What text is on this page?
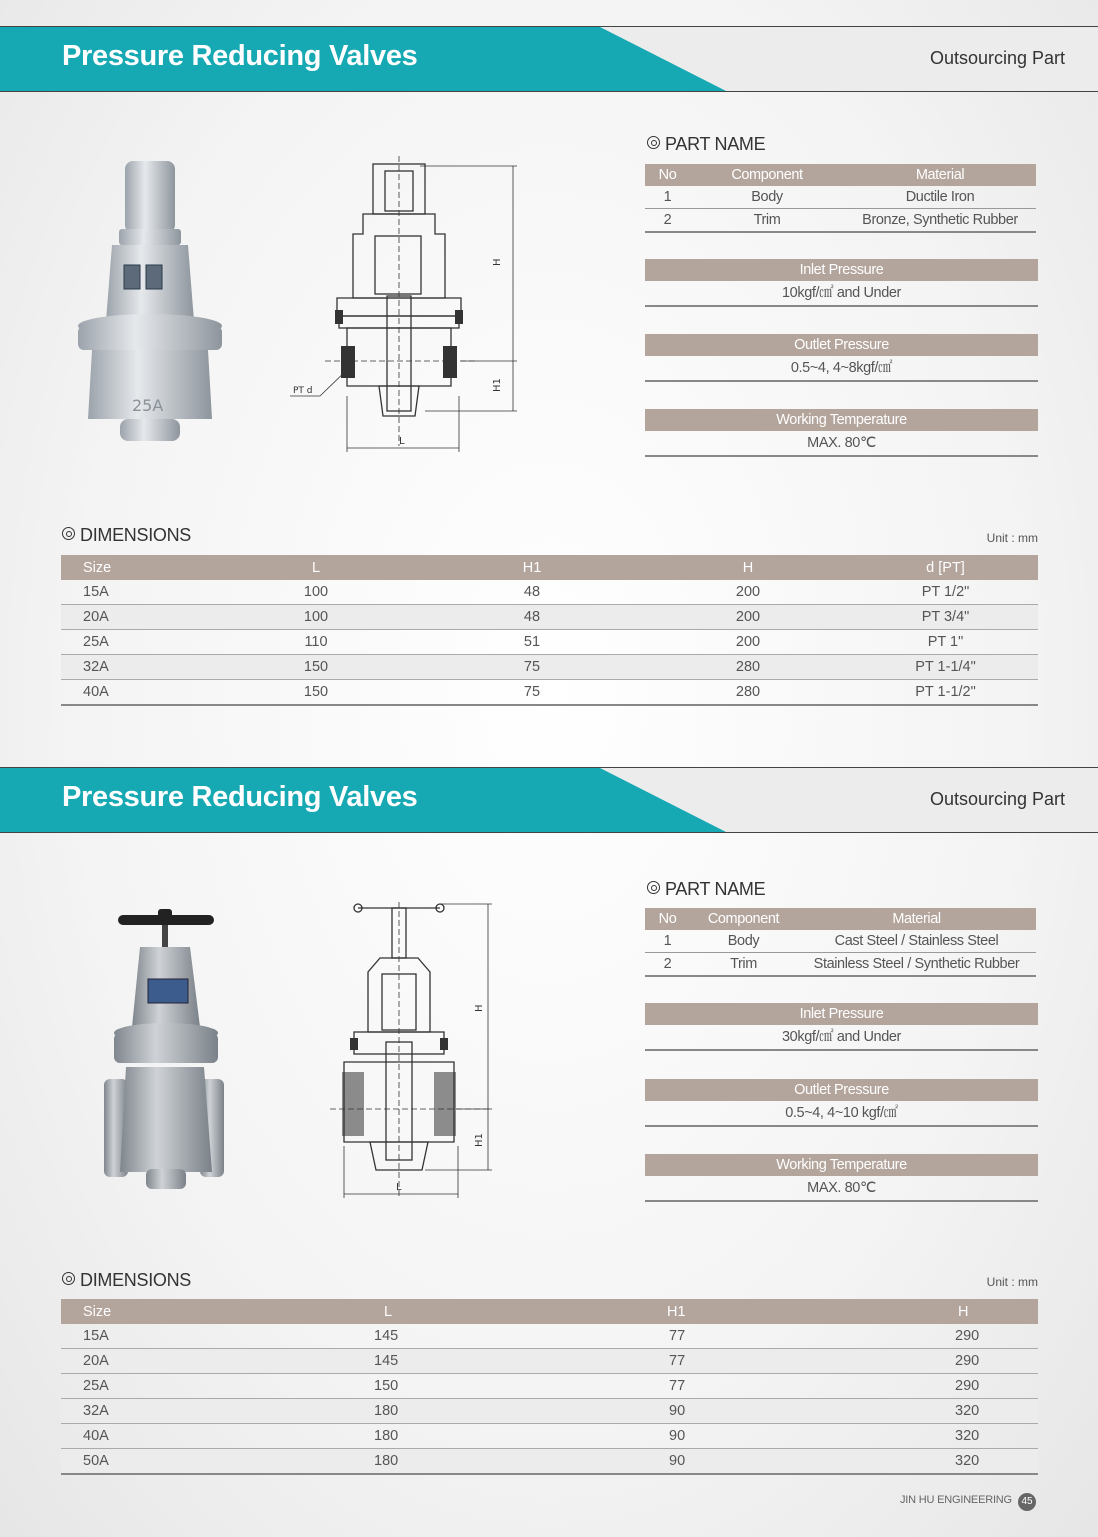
Pressure Reducing Valves	Outsourcing Part
25A
H
H1
L
PT d
PART NAME
No	Component	Material
1	Body	Ductile Iron
2	Trim	Bronze, Synthetic Rubber
Inlet Pressure
10kgf/㎠ and Under
Outlet Pressure
0.5~4, 4~8kgf/㎠
Working Temperature
MAX. 80℃
DIMENSIONS	Unit : mm
Size	L	H1	H	d [PT]
15A	100	48	200	PT 1/2"
20A	100	48	200	PT 3/4"
25A	110	51	200	PT 1"
32A	150	75	280	PT 1-1/4"
40A	150	75	280	PT 1-1/2"
Pressure Reducing Valves	Outsourcing Part
H
H1
L
PART NAME
No	Component	Material
1	Body	Cast Steel / Stainless Steel
2	Trim	Stainless Steel / Synthetic Rubber
Inlet Pressure
30kgf/㎠ and Under
Outlet Pressure
0.5~4, 4~10 kgf/㎠
Working Temperature
MAX. 80℃
DIMENSIONS	Unit : mm
Size	L	H1	H
15A	145	77	290
20A	145	77	290
25A	150	77	290
32A	180	90	320
40A	180	90	320
50A	180	90	320
JIN HU ENGINEERING 45
